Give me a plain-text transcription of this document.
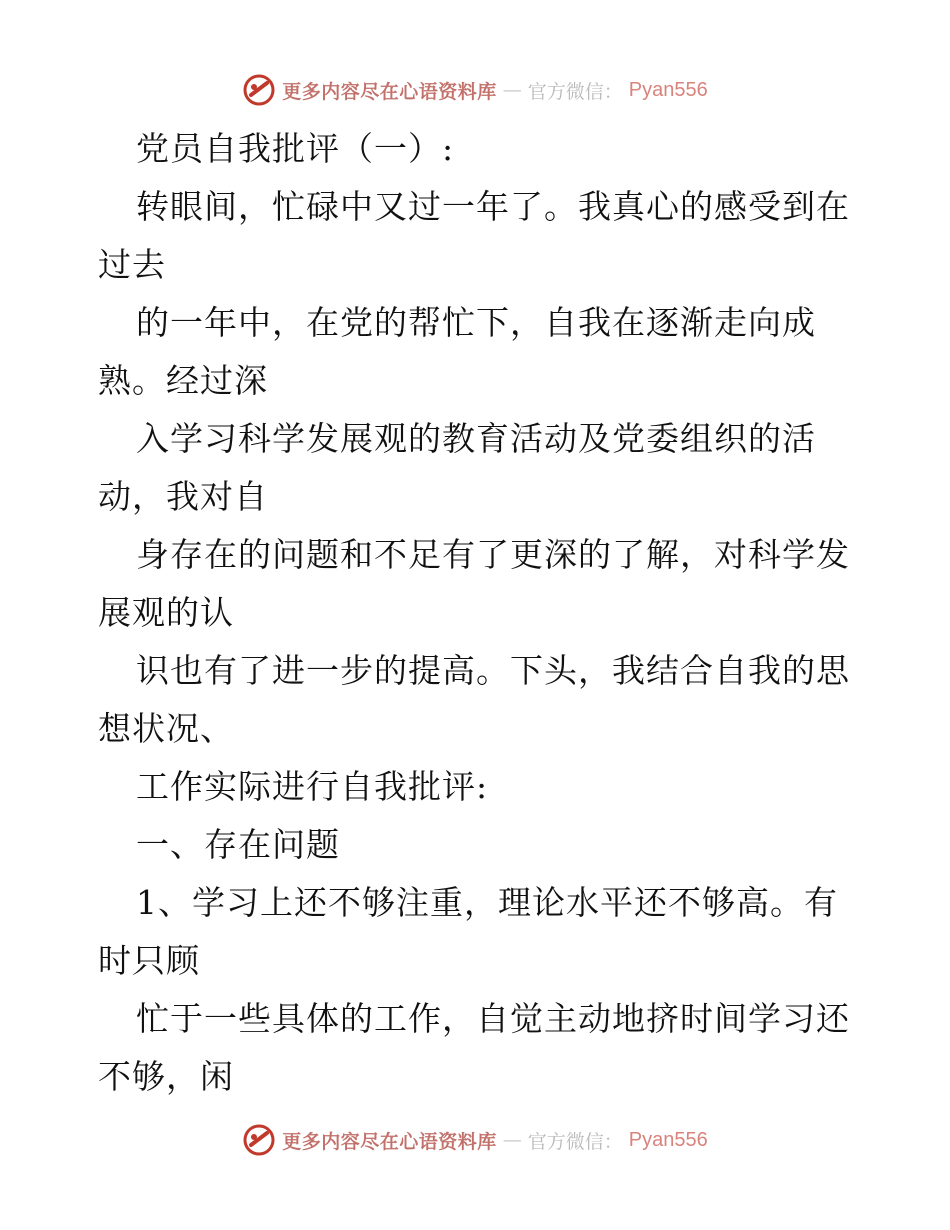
更多内容尽在心语资料库 — 官方微信： Pyan556
党员自我批评（一）:
转眼间，忙碌中又过一年了。我真心的感受到在
过去
的一年中，在党的帮忙下，自我在逐渐走向成
熟。经过深
入学习科学发展观的教育活动及党委组织的活
动，我对自
身存在的问题和不足有了更深的了解，对科学发
展观的认
识也有了进一步的提高。下头，我结合自我的思
想状况、
工作实际进行自我批评:
一、存在问题
1、学习上还不够注重，理论水平还不够高。有
时只顾
忙于一些具体的工作，自觉主动地挤时间学习还
不够，闲
更多内容尽在心语资料库 — 官方微信： Pyan556
